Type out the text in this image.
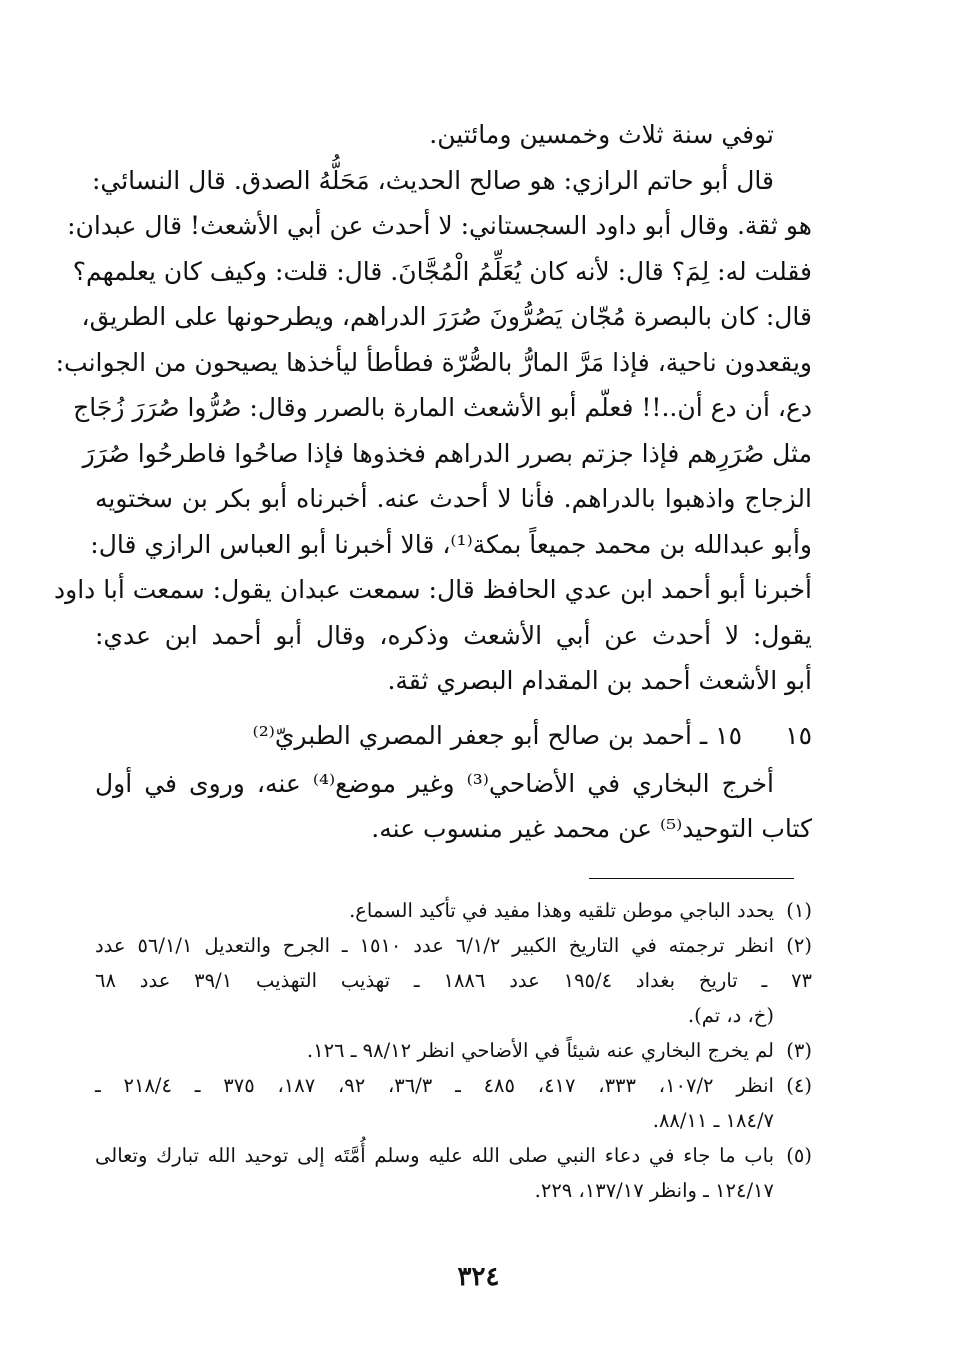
توفي سنة ثلاث وخمسين ومائتين.
قال أبو حاتم الرازي: هو صالح الحديث، مَحَلُّهُ الصدق. قال النسائي:
هو ثقة. وقال أبو داود السجستاني: لا أحدث عن أبي الأشعث! قال عبدان:
فقلت له: لِمَ؟ قال: لأنه كان يُعَلِّمُ الْمُجَّانَ. قال: قلت: وكيف كان يعلمهم؟
قال: كان بالبصرة مُجّان يَصُرُّونَ صُرَرَ الدراهم، ويطرحونها على الطريق،
ويقعدون ناحية، فإذا مَرَّ المارُّ بالصُّرّة فطأطأ ليأخذها يصيحون من الجوانب:
دع، أن دع أن..!! فعلّم أبو الأشعث المارة بالصرر وقال: صُرُّوا صُرَرَ زُجَاج
مثل صُرَرِهم فإذا جزتم بصرر الدراهم فخذوها فإذا صاحُوا فاطرحُوا صُرَرَ
الزجاج واذهبوا بالدراهم. فأنا لا أحدث عنه. أخبرناه أبو بكر بن سختويه
وأبو عبدالله بن محمد جميعاً بمكة⁽¹⁾، قالا أخبرنا أبو العباس الرازي قال:
أخبرنا أبو أحمد ابن عدي الحافظ قال: سمعت عبدان يقول: سمعت أبا داود
يقول: لا أحدث عن أبي الأشعث وذكره، وقال أبو أحمد ابن عدي:
أبو الأشعث أحمد بن المقدام البصري ثقة.
١٥
١٥ ـ أحمد بن صالح أبو جعفر المصري الطبريّ⁽²⁾
أخرج البخاري في الأضاحي⁽³⁾ وغير موضع⁽⁴⁾ عنه، وروى في أول
كتاب التوحيد⁽⁵⁾ عن محمد غير منسوب عنه.
(١)
يحدد الباجي موطن تلقيه وهذا مفيد في تأكيد السماع.
(٢)
انظر ترجمته في التاريخ الكبير ٦/١/٢ عدد ١٥١٠ ـ الجرح والتعديل ٥٦/١/١ عدد
٧٣ ـ تاريخ بغداد ١٩٥/٤ عدد ١٨٨٦ ـ تهذيب التهذيب ٣٩/١ عدد ٦٨
(خ، د، تم).
(٣)
لم يخرج البخاري عنه شيئاً في الأضاحي انظر ٩٨/١٢ ـ ١٢٦.
(٤)
انظر ١٠٧/٢، ٣٣٣، ٤١٧، ٤٨٥ ـ ٣٦/٣، ٩٢، ١٨٧، ٣٧٥ ـ ٢١٨/٤ ـ
١٨٤/٧ ـ ٨٨/١١.
(٥)
باب ما جاء في دعاء النبي صلى الله عليه وسلم أُمَّتَه إلى توحيد الله تبارك وتعالى
١٢٤/١٧ ـ وانظر ١٣٧/١٧، ٢٢٩.
٣٢٤
